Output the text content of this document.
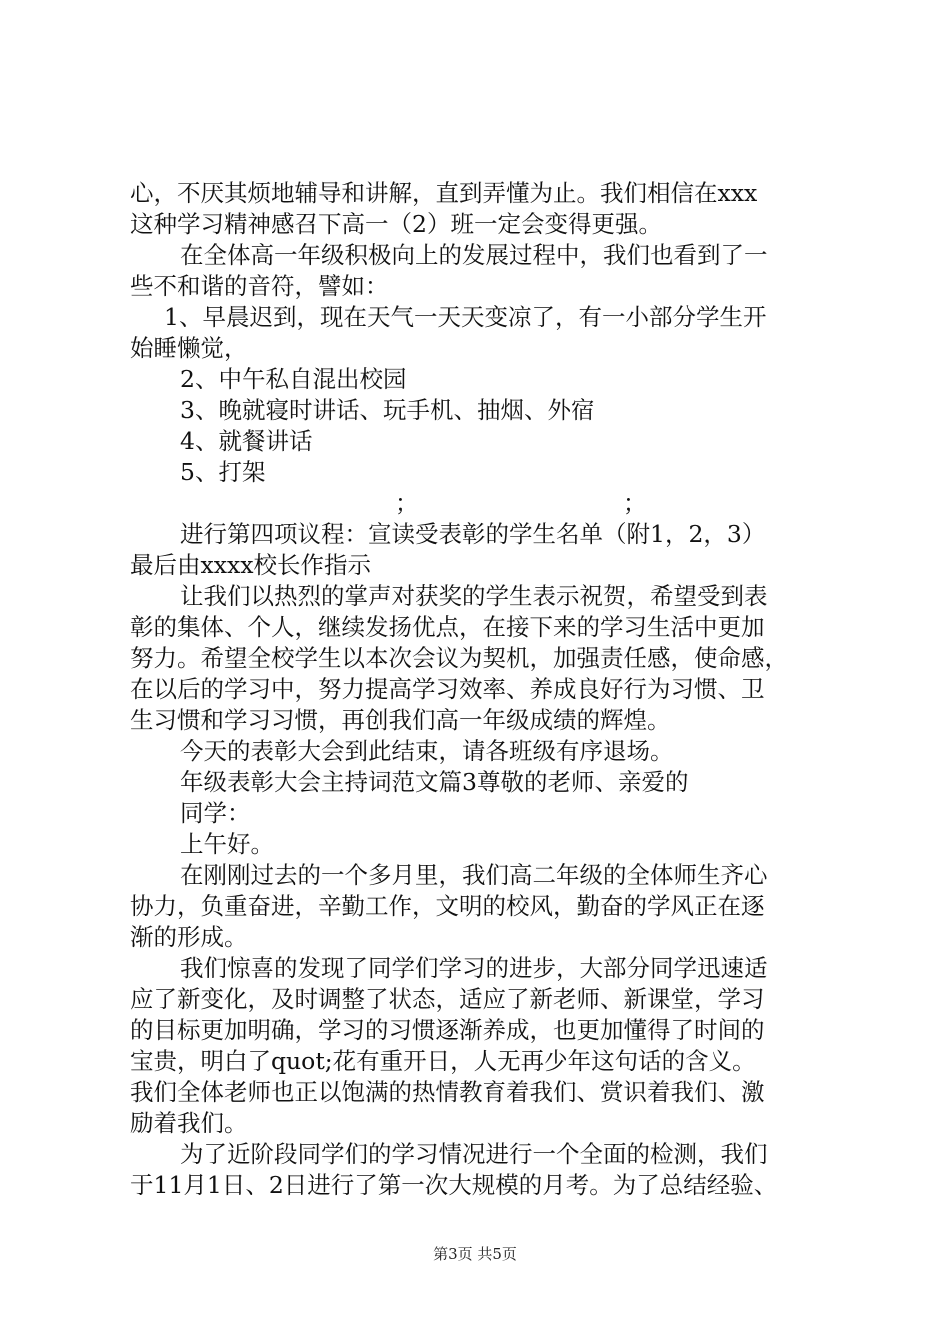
心，不厌其烦地辅导和讲解，直到弄懂为止。我们相信在xxx
这种学习精神感召下高一（2）班一定会变得更强。
在全体高一年级积极向上的发展过程中，我们也看到了一
些不和谐的音符，譬如：
1、早晨迟到，现在天气一天天变凉了，有一小部分学生开
始睡懒觉，
2、中午私自混出校园
3、晚就寝时讲话、玩手机、抽烟、外宿
4、就餐讲话
5、打架
；	；
进行第四项议程：宣读受表彰的学生名单（附1，2，3）
最后由xxxx校长作指示
让我们以热烈的掌声对获奖的学生表示祝贺，希望受到表
彰的集体、个人，继续发扬优点，在接下来的学习生活中更加
努力。希望全校学生以本次会议为契机，加强责任感，使命感，
在以后的学习中，努力提高学习效率、养成良好行为习惯、卫
生习惯和学习习惯，再创我们高一年级成绩的辉煌。
今天的表彰大会到此结束，请各班级有序退场。
年级表彰大会主持词范文篇3尊敬的老师、亲爱的
同学：
上午好。
在刚刚过去的一个多月里，我们高二年级的全体师生齐心
协力，负重奋进，辛勤工作，文明的校风，勤奋的学风正在逐
渐的形成。
我们惊喜的发现了同学们学习的进步，大部分同学迅速适
应了新变化，及时调整了状态，适应了新老师、新课堂，学习
的目标更加明确，学习的习惯逐渐养成，也更加懂得了时间的
宝贵，明白了quot;花有重开日，人无再少年这句话的含义。
我们全体老师也正以饱满的热情教育着我们、赏识着我们、激
励着我们。
为了近阶段同学们的学习情况进行一个全面的检测，我们
于11月1日、2日进行了第一次大规模的月考。为了总结经验、
第3页 共5页
